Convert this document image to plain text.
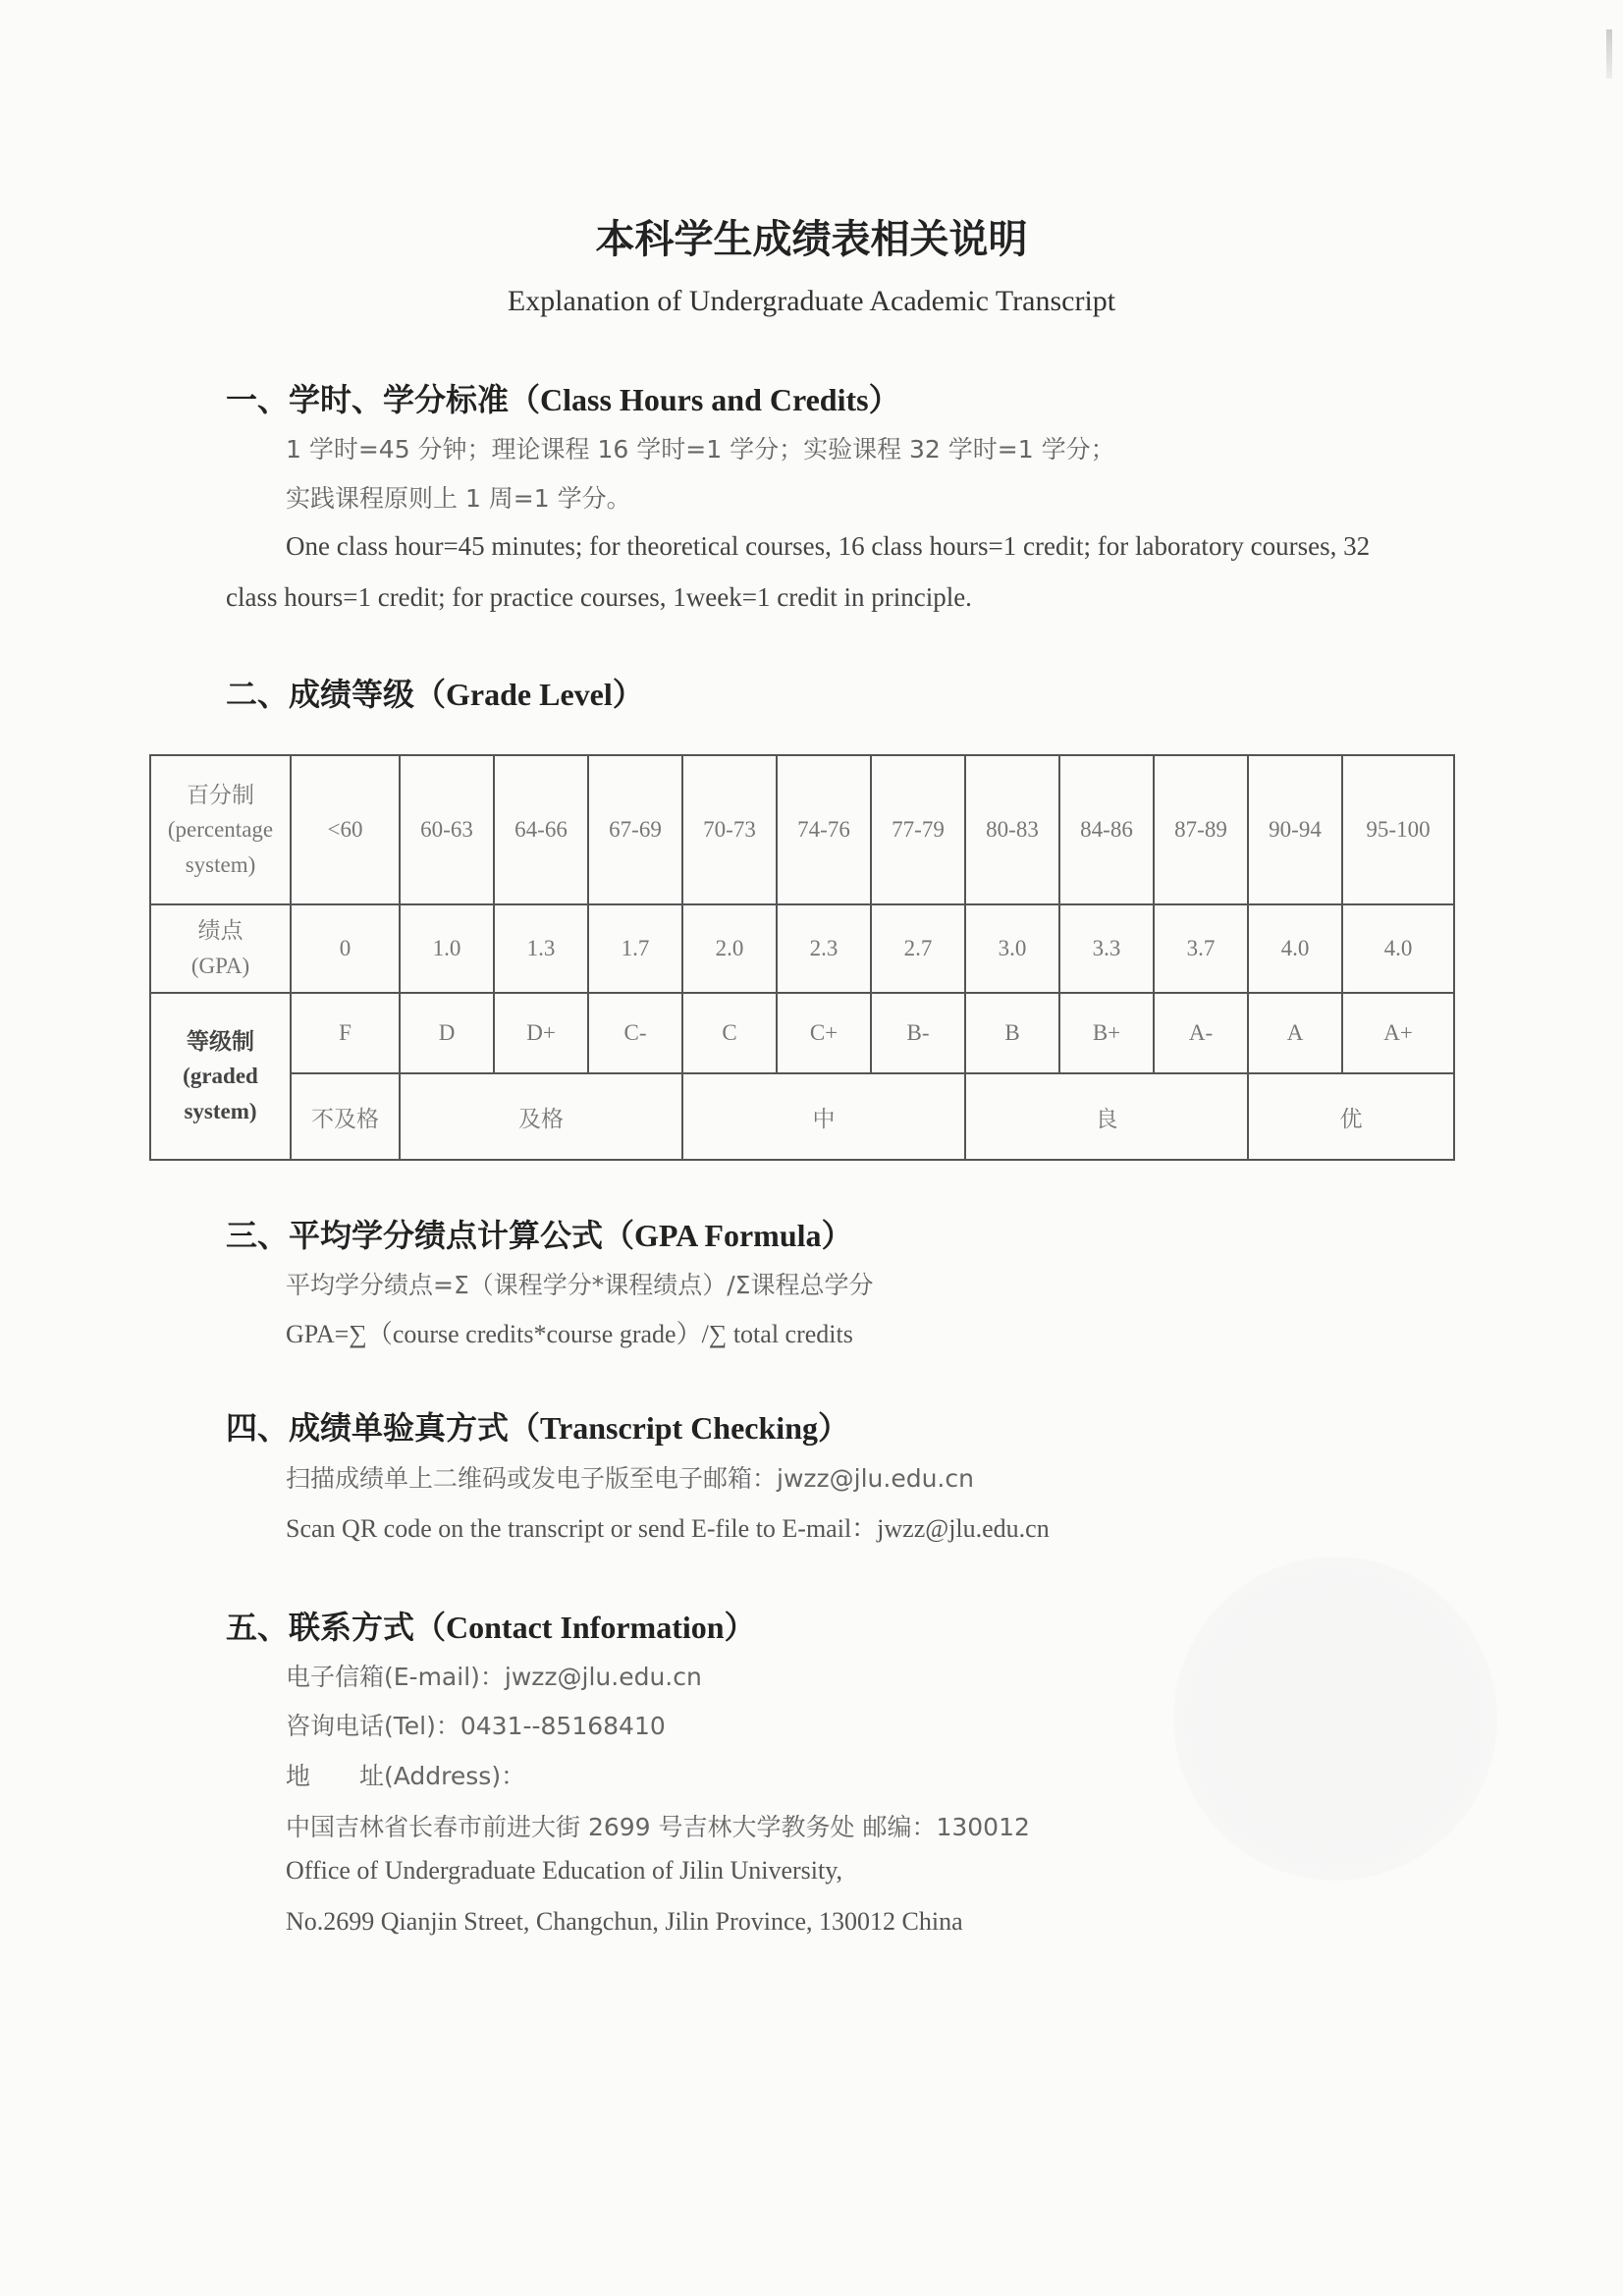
本科学生成绩表相关说明
Explanation of Undergraduate Academic Transcript
一、学时、学分标准（Class Hours and Credits）
1 学时=45 分钟；理论课程 16 学时=1 学分；实验课程 32 学时=1 学分；
实践课程原则上 1 周=1 学分。
One class hour=45 minutes; for theoretical courses, 16 class hours=1 credit; for laboratory courses, 32 class hours=1 credit; for practice courses, 1week=1 credit in principle.
二、成绩等级（Grade Level）
百分制
(percentage
system)	<60	60-63	64-66	67-69	70-73	74-76	77-79	80-83	84-86	87-89	90-94	95-100
绩点
(GPA)	0	1.0	1.3	1.7	2.0	2.3	2.7	3.0	3.3	3.7	4.0	4.0
等级制
(graded
system)	F	D	D+	C-	C	C+	B-	B	B+	A-	A	A+
	不及格	及格			中			良			优	
三、平均学分绩点计算公式（GPA Formula）
平均学分绩点=Σ（课程学分*课程绩点）/Σ课程总学分
GPA=∑（course credits*course grade）/∑ total credits
四、成绩单验真方式（Transcript Checking）
扫描成绩单上二维码或发电子版至电子邮箱：jwzz@jlu.edu.cn
Scan QR code on the transcript or send E-file to E-mail：jwzz@jlu.edu.cn
五、联系方式（Contact Information）
电子信箱(E-mail)：jwzz@jlu.edu.cn
咨询电话(Tel)：0431--85168410
地　　址(Address)：
中国吉林省长春市前进大街 2699 号吉林大学教务处 邮编：130012
Office of Undergraduate Education of Jilin University,
No.2699 Qianjin Street, Changchun, Jilin Province, 130012 China
